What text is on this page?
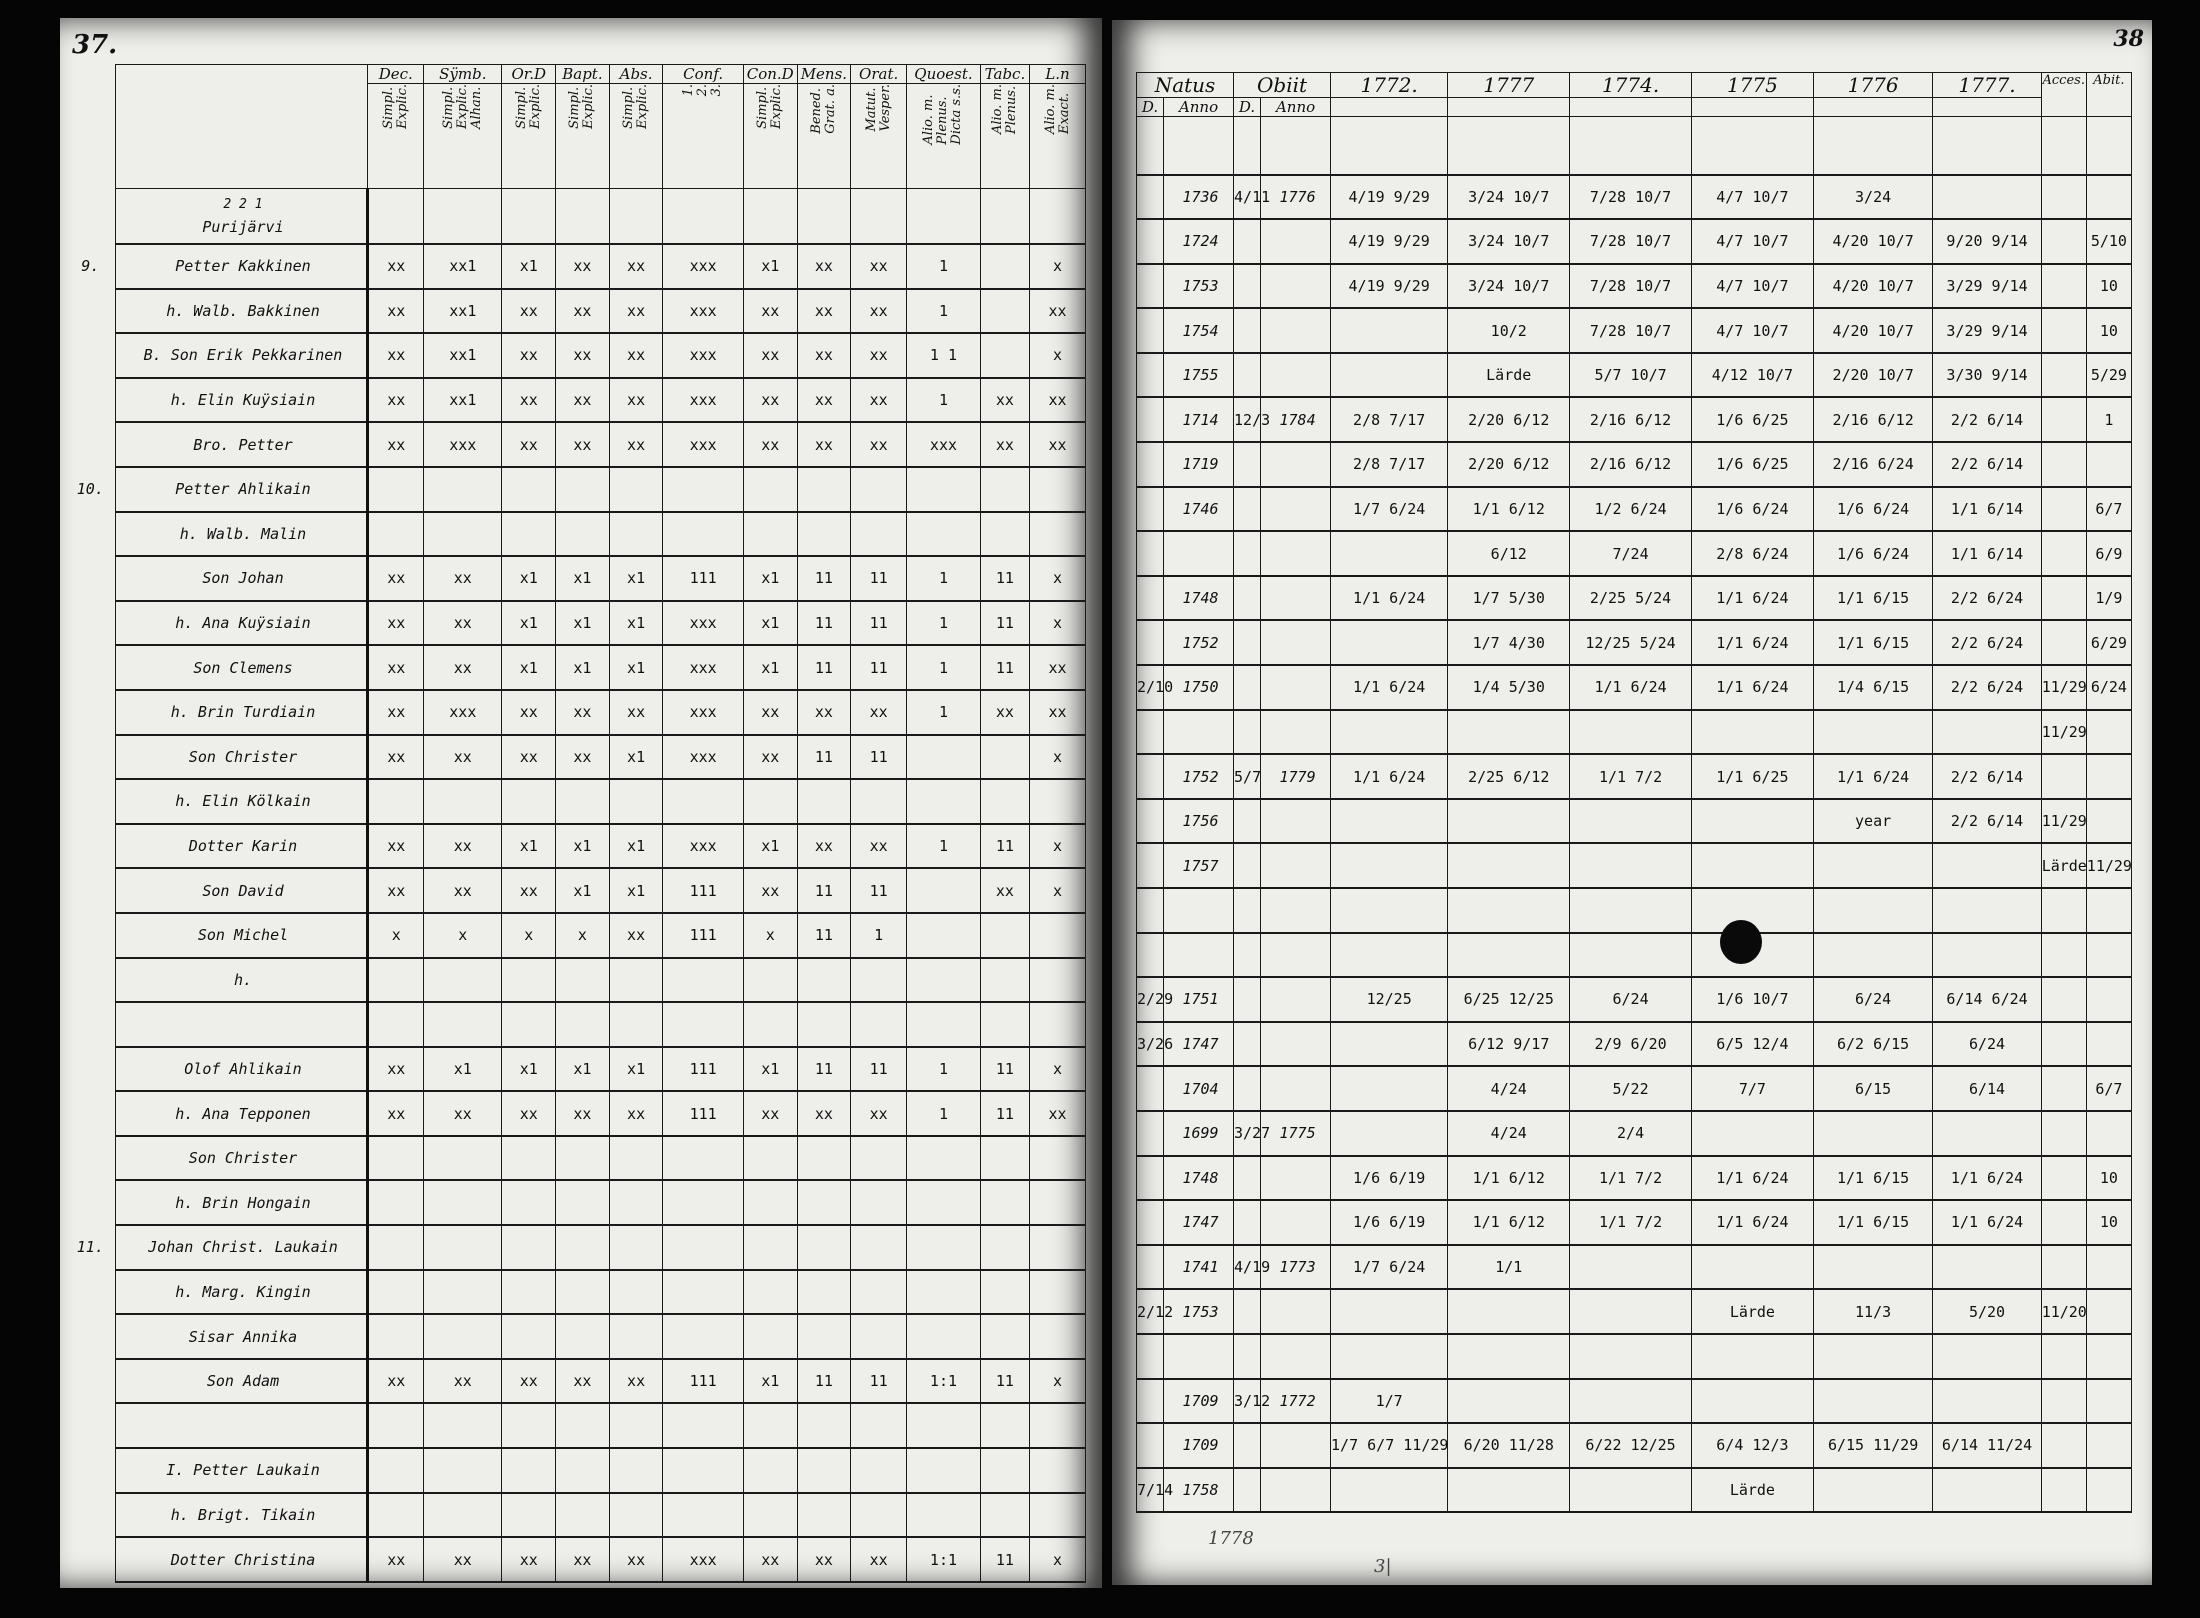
37.
		Dec.	Sÿmb.	Or.D	Bapt.	Abs.	Conf.	Con.D	Mens.	Orat.	Quoest.	Tabc.	L.n

		Simpl. Explic.	Simpl. Explic. Alhan.	Simpl. Explic.	Simpl. Explic.	Simpl. Explic.	1. 2. 3.	Simpl. Explic.	Bened. Grat. a.	Matut. Vesper.	Alio. m. Plenus. Dicta s.s.	Alio. m. Plenus.	Alio. m. Exact.

	$^{2 2 1}$
Purijärvi												
9.	Petter Kakkinen	xx	xx1	x1	xx	xx	xxx	x1	xx	xx	1		x
	h. Walb. Bakkinen	xx	xx1	xx	xx	xx	xxx	xx	xx	xx	1		xx
	B. Son Erik Pekkarinen	xx	xx1	xx	xx	xx	xxx	xx	xx	xx	1 1		x
	h. Elin Kuÿsiain	xx	xx1	xx	xx	xx	xxx	xx	xx	xx	1	xx	xx
	Bro. Petter	xx	xxx	xx	xx	xx	xxx	xx	xx	xx	xxx	xx	xx
10.	Petter Ahlikain												
	h. Walb. Malin												
	Son Johan	xx	xx	x1	x1	x1	111	x1	11	11	1	11	x
	h. Ana Kuÿsiain	xx	xx	x1	x1	x1	xxx	x1	11	11	1	11	x
	Son Clemens	xx	xx	x1	x1	x1	xxx	x1	11	11	1	11	xx
	h. Brin Turdiain	xx	xxx	xx	xx	xx	xxx	xx	xx	xx	1	xx	xx
	Son Christer	xx	xx	xx	xx	x1	xxx	xx	11	11			x
	h. Elin Kölkain												
	Dotter Karin	xx	xx	x1	x1	x1	xxx	x1	xx	xx	1	11	x
	Son David	xx	xx	xx	x1	x1	111	xx	11	11		xx	x
	Son Michel	x	x	x	x	xx	111	x	11	1			
	h.												

	Olof Ahlikain	xx	x1	x1	x1	x1	111	x1	11	11	1	11	x
	h. Ana Tepponen	xx	xx	xx	xx	xx	111	xx	xx	xx	1	11	xx
	Son Christer												
	h. Brin Hongain												
11.	Johan Christ. Laukain												
	h. Marg. Kingin												
	Sisar Annika												
	Son Adam	xx	xx	xx	xx	xx	111	x1	11	11	1:1	11	x

	I. Petter Laukain												
	h. Brigt. Tikain												
	Dotter Christina	xx	xx	xx	xx	xx	xxx	xx	xx	xx	1:1	11	x
38
Natus		Obiit		1772.	1777	1774.	1775	1776	1777.	Acces.	Abit.
D.	Anno	D.	Anno								

	1736	4/11	1776	4/19 9/29	3/24 10/7	7/28 10/7	4/7 10/7	3/24			
	1724			4/19 9/29	3/24 10/7	7/28 10/7	4/7 10/7	4/20 10/7	9/20 9/14		5/10
	1753			4/19 9/29	3/24 10/7	7/28 10/7	4/7 10/7	4/20 10/7	3/29 9/14		10
	1754				10/2	7/28 10/7	4/7 10/7	4/20 10/7	3/29 9/14		10
	1755				Lärde	5/7 10/7	4/12 10/7	2/20 10/7	3/30 9/14		5/29
	1714	12/3	1784	2/8 7/17	2/20 6/12	2/16 6/12	1/6 6/25	2/16 6/12	2/2 6/14		1
	1719			2/8 7/17	2/20 6/12	2/16 6/12	1/6 6/25	2/16 6/24	2/2 6/14		
	1746			1/7 6/24	1/1 6/12	1/2 6/24	1/6 6/24	1/6 6/24	1/1 6/14		6/7
					6/12	7/24	2/8 6/24	1/6 6/24	1/1 6/14		6/9
	1748			1/1 6/24	1/7 5/30	2/25 5/24	1/1 6/24	1/1 6/15	2/2 6/24		1/9
	1752				1/7 4/30	12/25 5/24	1/1 6/24	1/1 6/15	2/2 6/24		6/29
2/10	1750			1/1 6/24	1/4 5/30	1/1 6/24	1/1 6/24	1/4 6/15	2/2 6/24	11/29	6/24
										11/29	
	1752	5/7	1779	1/1 6/24	2/25 6/12	1/1 7/2	1/1 6/25	1/1 6/24	2/2 6/14		
	1756							year	2/2 6/14	11/29	
	1757									Lärde	11/29

2/29	1751			12/25	6/25 12/25	6/24	1/6 10/7	6/24	6/14 6/24		
3/26	1747				6/12 9/17	2/9 6/20	6/5 12/4	6/2 6/15	6/24		
	1704				4/24	5/22	7/7	6/15	6/14		6/7
	1699	3/27	1775		4/24	2/4					
	1748			1/6 6/19	1/1 6/12	1/1 7/2	1/1 6/24	1/1 6/15	1/1 6/24		10
	1747			1/6 6/19	1/1 6/12	1/1 7/2	1/1 6/24	1/1 6/15	1/1 6/24		10
	1741	4/19	1773	1/7 6/24	1/1						
2/12	1753						Lärde	11/3	5/20	11/20	

	1709	3/12	1772	1/7							
	1709			1/7 6/7 11/29	6/20 11/28	6/22 12/25	6/4 12/3	6/15 11/29	6/14 11/24		
7/14	1758						Lärde				
1778
3|
